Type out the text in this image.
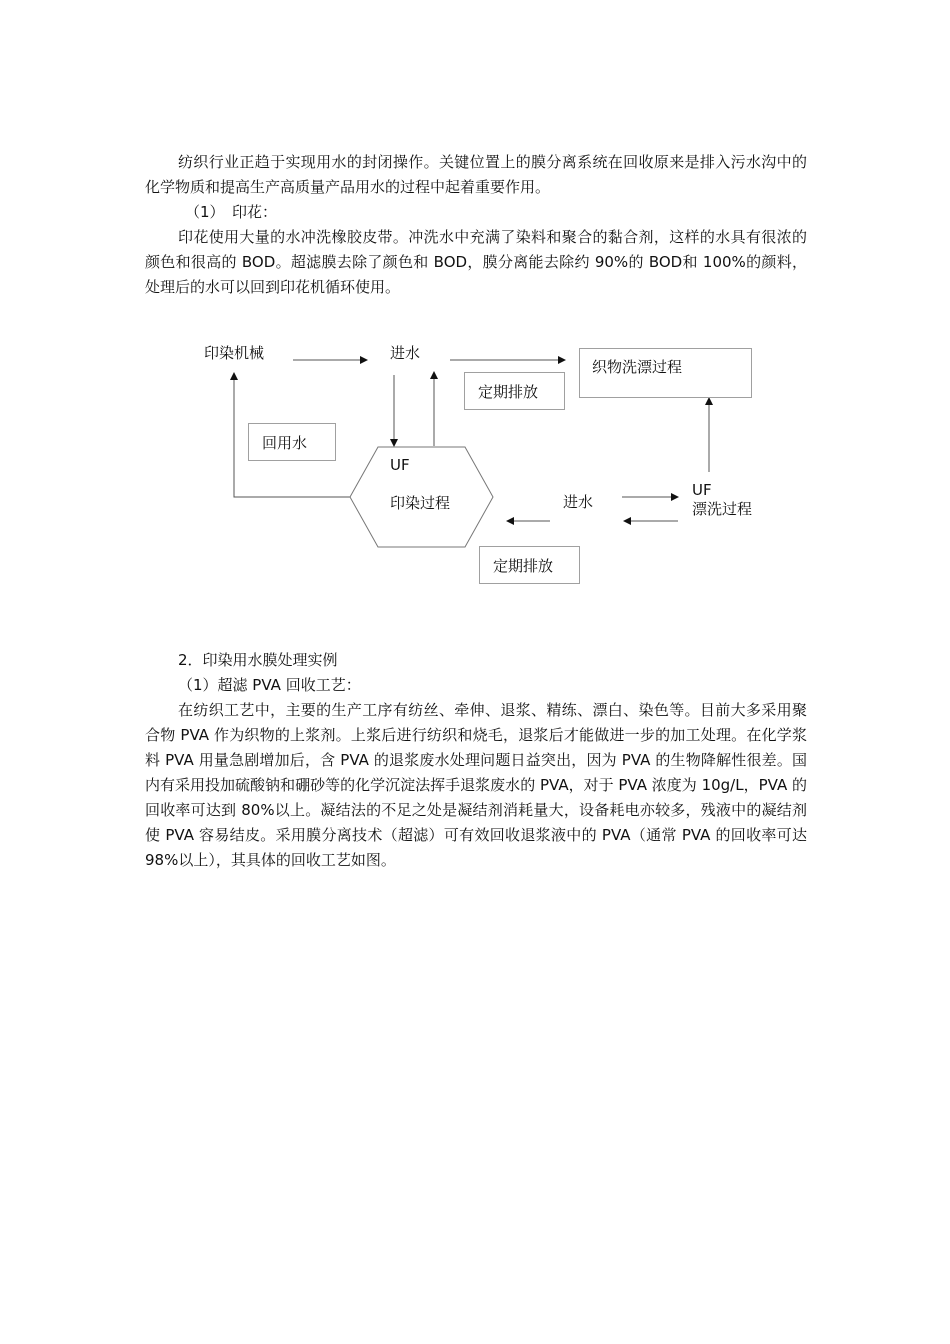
纺织行业正趋于实现用水的封闭操作。关键位置上的膜分离系统在回收原来是排入污水沟中的化学物质和提高生产高质量产品用水的过程中起着重要作用。

（1）　印花：

印花使用大量的水冲洗橡胶皮带。冲洗水中充满了染料和聚合的黏合剂，这样的水具有很浓的颜色和很高的 BOD。超滤膜去除了颜色和 BOD，膜分离能去除约 90%的 BOD和 100%的颜料，处理后的水可以回到印花机循环使用。

印染机械	进水
织物洗漂过程
定期排放
回用水
UF
印染过程	进水
UF
漂洗过程
定期排放

2．印染用水膜处理实例

（1）超滤 PVA 回收工艺：

在纺织工艺中，主要的生产工序有纺丝、牵伸、退浆、精练、漂白、染色等。目前大多采用聚合物 PVA 作为织物的上浆剂。上浆后进行纺织和烧毛，退浆后才能做进一步的加工处理。在化学浆料 PVA 用量急剧增加后，含 PVA 的退浆废水处理问题日益突出，因为 PVA 的生物降解性很差。国内有采用投加硫酸钠和硼砂等的化学沉淀法挥手退浆废水的 PVA，对于 PVA 浓度为 10g/L，PVA 的回收率可达到 80%以上。凝结法的不足之处是凝结剂消耗量大，设备耗电亦较多，残液中的凝结剂使 PVA 容易结皮。采用膜分离技术（超滤）可有效回收退浆液中的 PVA（通常 PVA 的回收率可达 98%以上），其具体的回收工艺如图。
